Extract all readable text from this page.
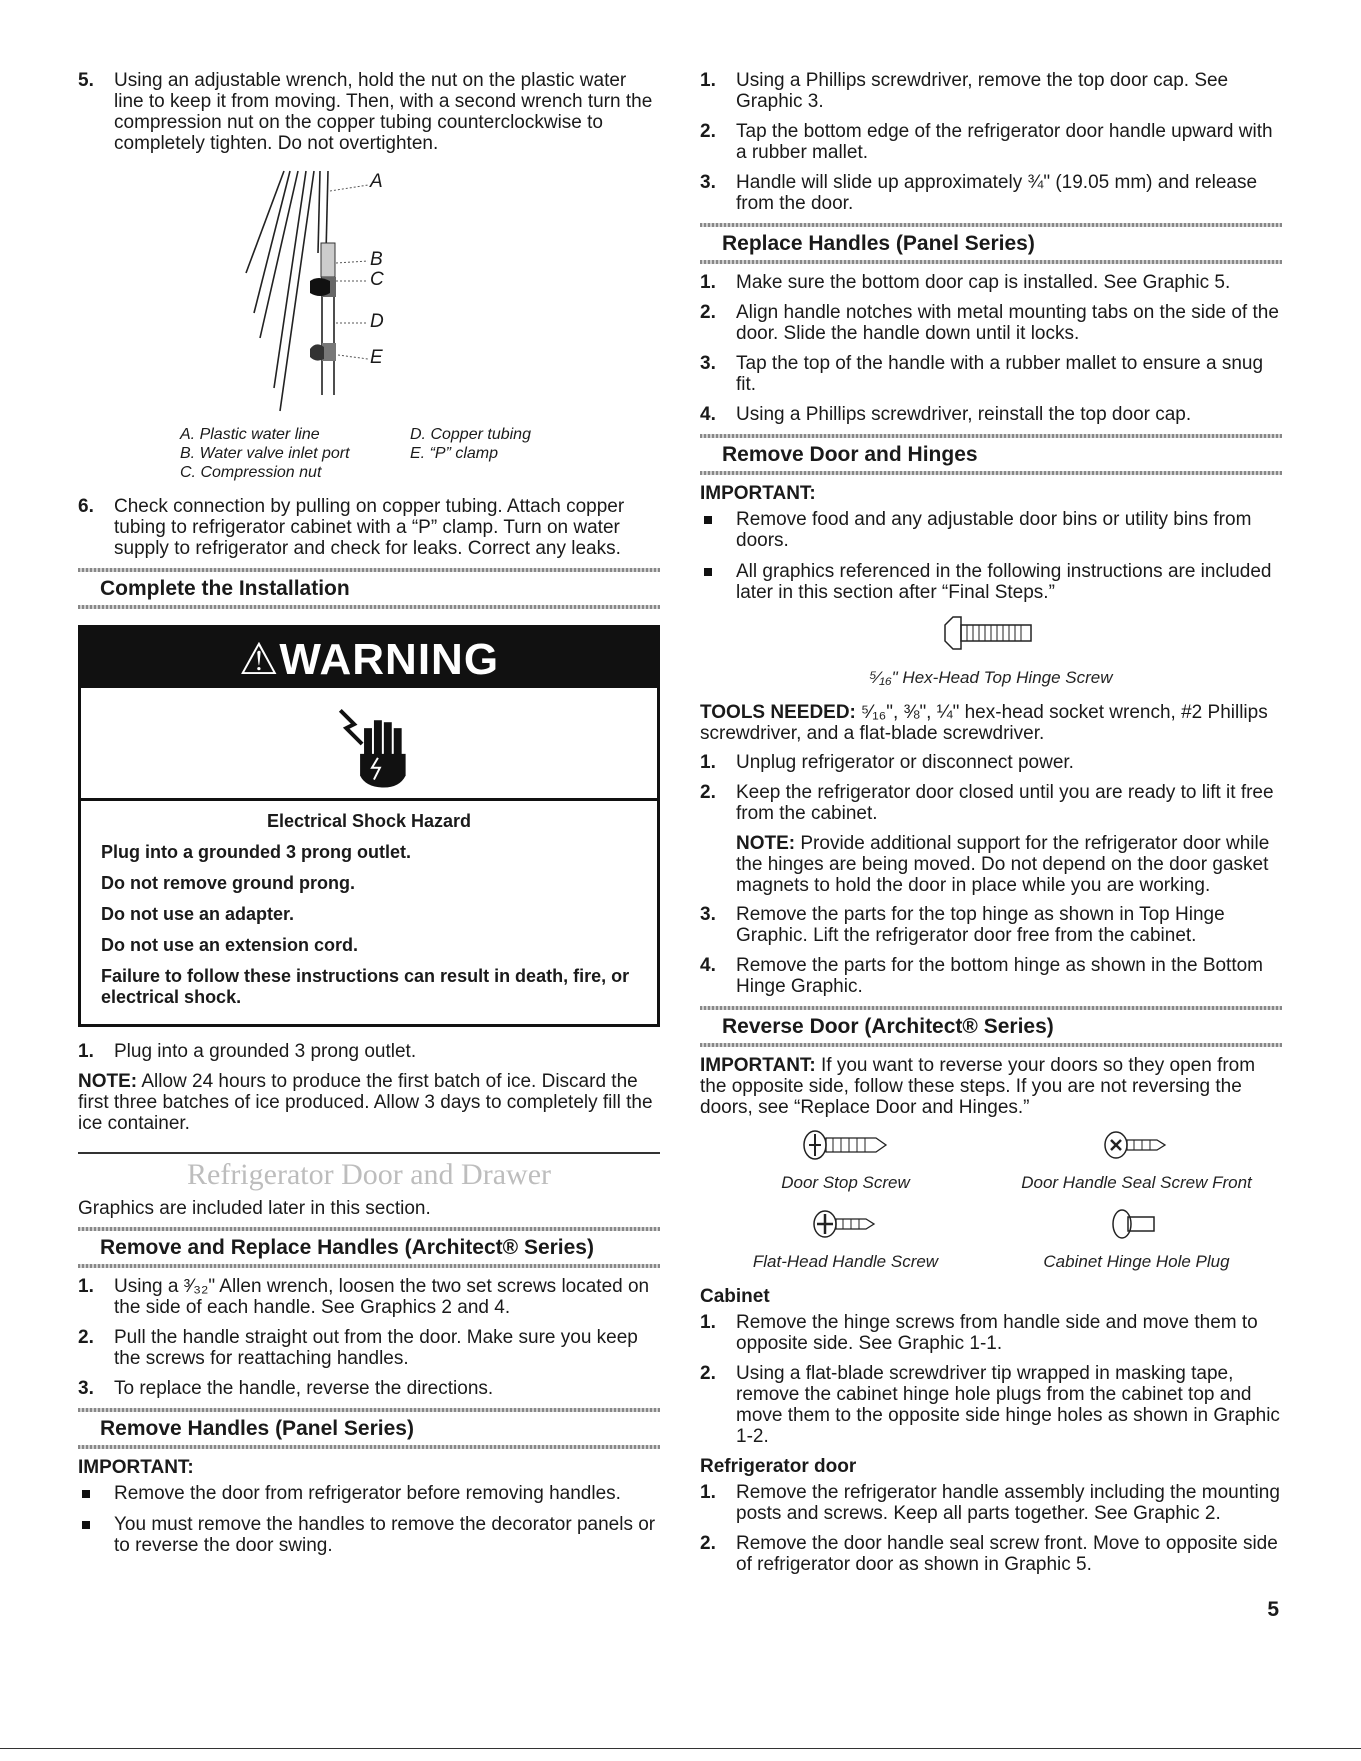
5. Using an adjustable wrench, hold the nut on the plastic water line to keep it from moving. Then, with a second wrench turn the compression nut on the copper tubing counterclockwise to completely tighten. Do not overtighten.
A
B
C
D
E
A. Plastic water line	D. Copper tubing
B. Water valve inlet port	E. “P” clamp
C. Compression nut
6. Check connection by pulling on copper tubing. Attach copper tubing to refrigerator cabinet with a “P” clamp. Turn on water supply to refrigerator and check for leaks. Correct any leaks.
Complete the Installation
⚠WARNING

Electrical Shock Hazard

Plug into a grounded 3 prong outlet.

Do not remove ground prong.

Do not use an adapter.

Do not use an extension cord.

Failure to follow these instructions can result in death, fire, or electrical shock.

1. Plug into a grounded 3 prong outlet.

NOTE: Allow 24 hours to produce the first batch of ice. Discard the first three batches of ice produced. Allow 3 days to completely fill the ice container.

Refrigerator Door and Drawer

Graphics are included later in this section.

Remove and Replace Handles (Architect® Series)
1. Using a ³⁄₃₂" Allen wrench, loosen the two set screws located on the side of each handle. See Graphics 2 and 4.
2. Pull the handle straight out from the door. Make sure you keep the screws for reattaching handles.
3. To replace the handle, reverse the directions.
Remove Handles (Panel Series)
IMPORTANT:
Remove the door from refrigerator before removing handles.
You must remove the handles to remove the decorator panels or to reverse the door swing.
1. Using a Phillips screwdriver, remove the top door cap. See Graphic 3.
2. Tap the bottom edge of the refrigerator door handle upward with a rubber mallet.
3. Handle will slide up approximately ¾" (19.05 mm) and release from the door.
Replace Handles (Panel Series)
1. Make sure the bottom door cap is installed. See Graphic 5.
2. Align handle notches with metal mounting tabs on the side of the door. Slide the handle down until it locks.
3. Tap the top of the handle with a rubber mallet to ensure a snug fit.
4. Using a Phillips screwdriver, reinstall the top door cap.
Remove Door and Hinges
IMPORTANT:
Remove food and any adjustable door bins or utility bins from doors.
All graphics referenced in the following instructions are included later in this section after “Final Steps.”
⁵⁄₁₆" Hex-Head Top Hinge Screw

TOOLS NEEDED: ⁵⁄₁₆", ⅜", ¼" hex-head socket wrench, #2 Phillips screwdriver, and a flat-blade screwdriver.

1. Unplug refrigerator or disconnect power.
2. Keep the refrigerator door closed until you are ready to lift it free from the cabinet.

NOTE: Provide additional support for the refrigerator door while the hinges are being moved. Do not depend on the door gasket magnets to hold the door in place while you are working.

3. Remove the parts for the top hinge as shown in Top Hinge Graphic. Lift the refrigerator door free from the cabinet.
4. Remove the parts for the bottom hinge as shown in the Bottom Hinge Graphic.
Reverse Door (Architect® Series)

IMPORTANT: If you want to reverse your doors so they open from the opposite side, follow these steps. If you are not reversing the doors, see “Replace Door and Hinges.”

Door Stop Screw	Door Handle Seal Screw Front
Flat-Head Handle Screw	Cabinet Hinge Hole Plug
Cabinet
1. Remove the hinge screws from handle side and move them to opposite side. See Graphic 1-1.
2. Using a flat-blade screwdriver tip wrapped in masking tape, remove the cabinet hinge hole plugs from the cabinet top and move them to the opposite side hinge holes as shown in Graphic 1-2.
Refrigerator door
1. Remove the refrigerator handle assembly including the mounting posts and screws. Keep all parts together. See Graphic 2.
2. Remove the door handle seal screw front. Move to opposite side of refrigerator door as shown in Graphic 5.
5
